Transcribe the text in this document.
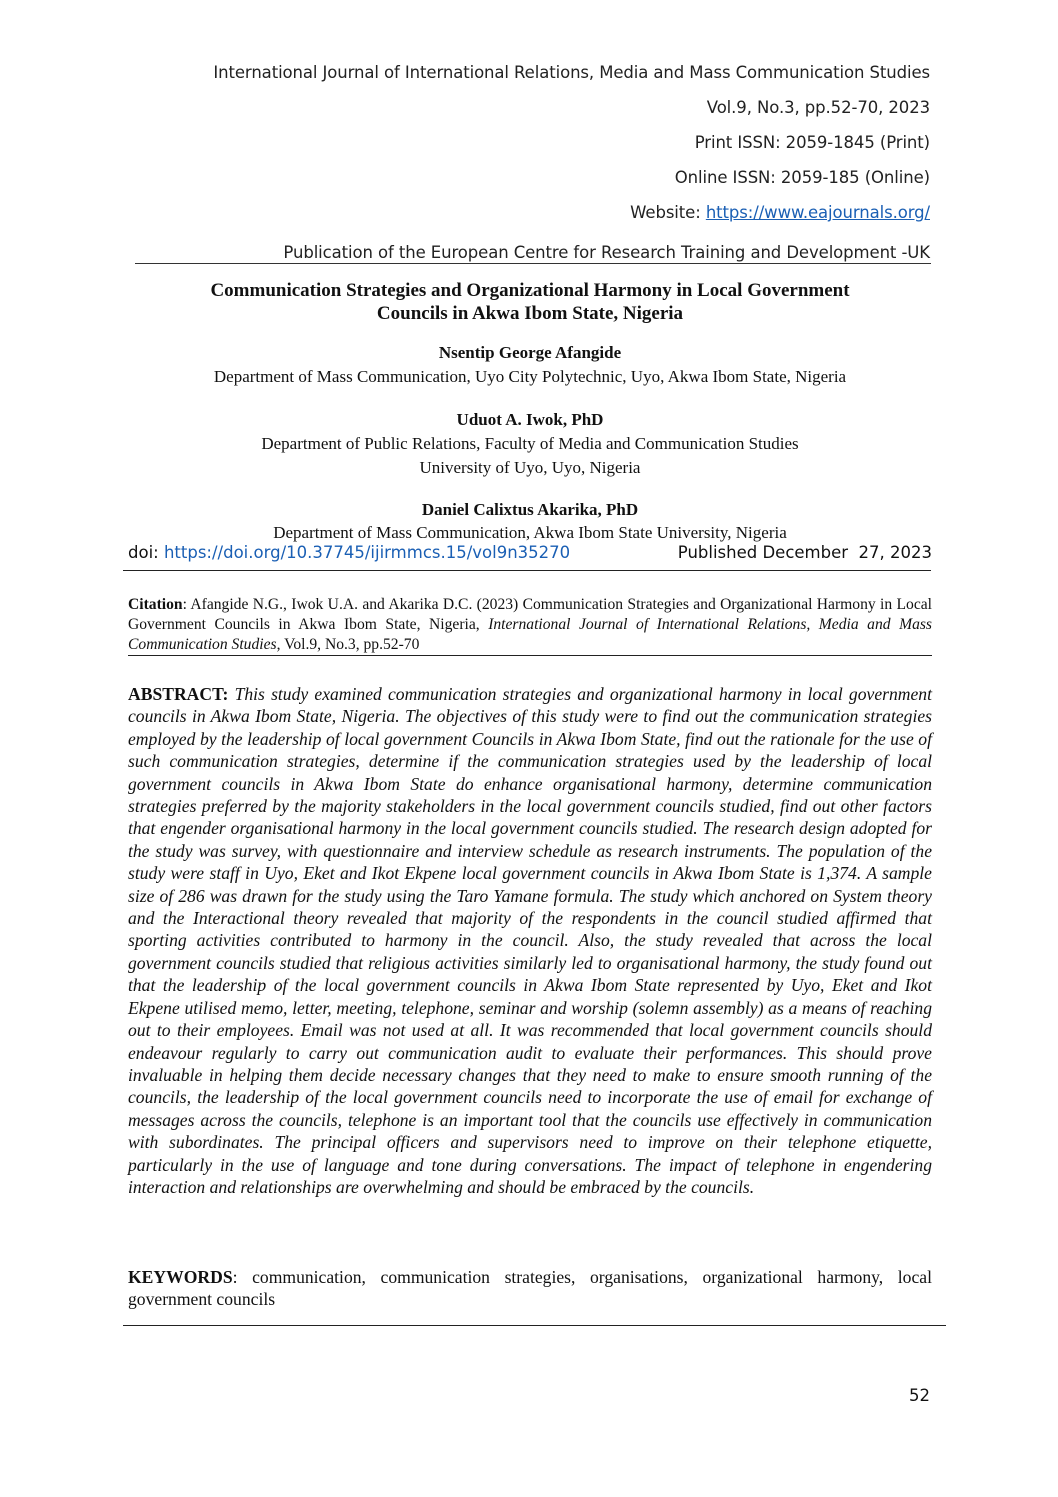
International Journal of International Relations, Media and Mass Communication Studies
Vol.9, No.3, pp.52-70, 2023
Print ISSN: 2059-1845 (Print)
Online ISSN: 2059-185 (Online)
Website: https://www.eajournals.org/
Publication of the European Centre for Research Training and Development -UK
Communication Strategies and Organizational Harmony in Local Government
Councils in Akwa Ibom State, Nigeria
Nsentip George Afangide
Department of Mass Communication, Uyo City Polytechnic, Uyo, Akwa Ibom State, Nigeria
Uduot A. Iwok, PhD
Department of Public Relations, Faculty of Media and Communication Studies
University of Uyo, Uyo, Nigeria
Daniel Calixtus Akarika, PhD
Department of Mass Communication, Akwa Ibom State University, Nigeria
doi: https://doi.org/10.37745/ijirmmcs.15/vol9n35270	Published December  27, 2023
Citation: Afangide N.G., Iwok U.A. and Akarika D.C. (2023) Communication Strategies and Organizational Harmony in Local Government Councils in Akwa Ibom State, Nigeria, International Journal of International Relations, Media and Mass Communication Studies, Vol.9, No.3, pp.52-70
ABSTRACT: This study examined communication strategies and organizational harmony in local government councils in Akwa Ibom State, Nigeria. The objectives of this study were to find out the communication strategies employed by the leadership of local government Councils in Akwa Ibom State, find out the rationale for the use of such communication strategies, determine if the communication strategies used by the leadership of local government councils in Akwa Ibom State do enhance organisational harmony, determine communication strategies preferred by the majority stakeholders in the local government councils studied, find out other factors that engender organisational harmony in the local government councils studied. The research design adopted for the study was survey, with questionnaire and interview schedule as research instruments. The population of the study were staff in Uyo, Eket and Ikot Ekpene local government councils in Akwa Ibom State is 1,374. A sample size of 286 was drawn for the study using the Taro Yamane formula. The study which anchored on System theory and the Interactional theory revealed that majority of the respondents in the council studied affirmed that sporting activities contributed to harmony in the council. Also, the study revealed that across the local government councils studied that religious activities similarly led to organisational harmony, the study found out that the leadership of the local government councils in Akwa Ibom State represented by Uyo, Eket and Ikot Ekpene utilised memo, letter, meeting, telephone, seminar and worship (solemn assembly) as a means of reaching out to their employees. Email was not used at all. It was recommended that local government councils should endeavour regularly to carry out communication audit to evaluate their performances. This should prove invaluable in helping them decide necessary changes that they need to make to ensure smooth running of the councils, the leadership of the local government councils need to incorporate the use of email for exchange of messages across the councils, telephone is an important tool that the councils use effectively in communication with subordinates. The principal officers and supervisors need to improve on their telephone etiquette, particularly in the use of language and tone during conversations. The impact of telephone in engendering interaction and relationships are overwhelming and should be embraced by the councils.
KEYWORDS: communication, communication strategies, organisations, organizational harmony, local government councils
52
